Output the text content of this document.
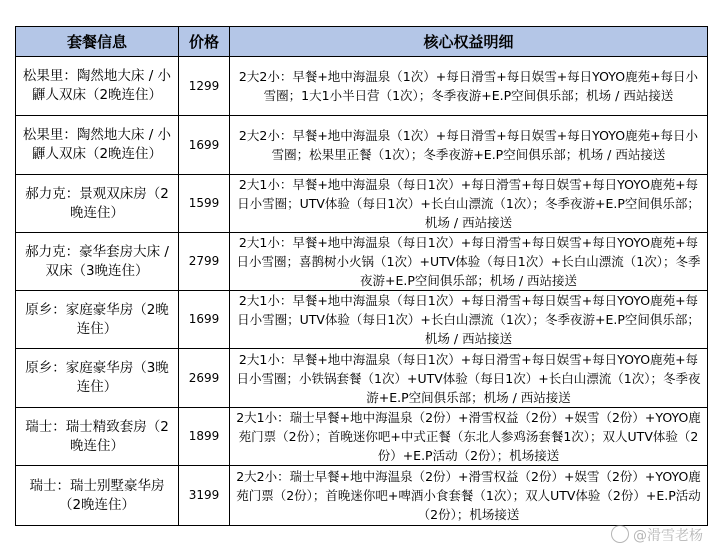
套餐信息	价格	核心权益明细
松果里：陶然地大床 / 小鼲人双床（2晚连住）	1299	2大2小：早餐+地中海温泉（1次）+每日滑雪+每日娱雪+每日YOYO鹿苑+每日小雪圈；1大1小半日营（1次）；冬季夜游+E.P空间俱乐部；机场 / 西站接送
松果里：陶然地大床 / 小鼲人双床（2晚连住）	1699	2大2小：早餐+地中海温泉（1次）+每日滑雪+每日娱雪+每日YOYO鹿苑+每日小雪圈；松果里正餐（1次）；冬季夜游+E.P空间俱乐部；机场 / 西站接送
郝力克：景观双床房（2晚连住）	1599	2大1小：早餐+地中海温泉（每日1次）+每日滑雪+每日娱雪+每日YOYO鹿苑+每日小雪圈；UTV体验（每日1次）+长白山漂流（1次）；冬季夜游+E.P空间俱乐部；机场 / 西站接送
郝力克：豪华套房大床 / 双床（3晚连住）	2799	2大1小：早餐+地中海温泉（每日1次）+每日滑雪+每日娱雪+每日YOYO鹿苑+每日小雪圈；喜鹊树小火锅（1次）+UTV体验（每日1次）+长白山漂流（1次）；冬季夜游+E.P空间俱乐部；机场 / 西站接送
原乡：家庭豪华房（2晚连住）	1699	2大1小：早餐+地中海温泉（每日1次）+每日滑雪+每日娱雪+每日YOYO鹿苑+每日小雪圈；UTV体验（每日1次）+长白山漂流（1次）；冬季夜游+E.P空间俱乐部；机场 / 西站接送
原乡：家庭豪华房（3晚连住）	2699	2大1小：早餐+地中海温泉（每日1次）+每日滑雪+每日娱雪+每日YOYO鹿苑+每日小雪圈；小铁锅套餐（1次）+UTV体验（每日1次）+长白山漂流（1次）；冬季夜游+E.P空间俱乐部；机场 / 西站接送
瑞士：瑞士精致套房（2晚连住）	1899	2大1小：瑞士早餐+地中海温泉（2份）+滑雪权益（2份）+娱雪（2份）+YOYO鹿苑门票（2份）；首晚迷你吧+中式正餐（东北人参鸡汤套餐1次）；双人UTV体验（2份）+E.P活动（2份）；机场接送
瑞士：瑞士别墅豪华房（2晚连住）	3199	2大2小：瑞士早餐+地中海温泉（2份）+滑雪权益（2份）+娱雪（2份）+YOYO鹿苑门票（2份）；首晚迷你吧+啤酒小食套餐（1次）；双人UTV体验（2份）+E.P活动（2份）；机场接送
@滑雪老杨
